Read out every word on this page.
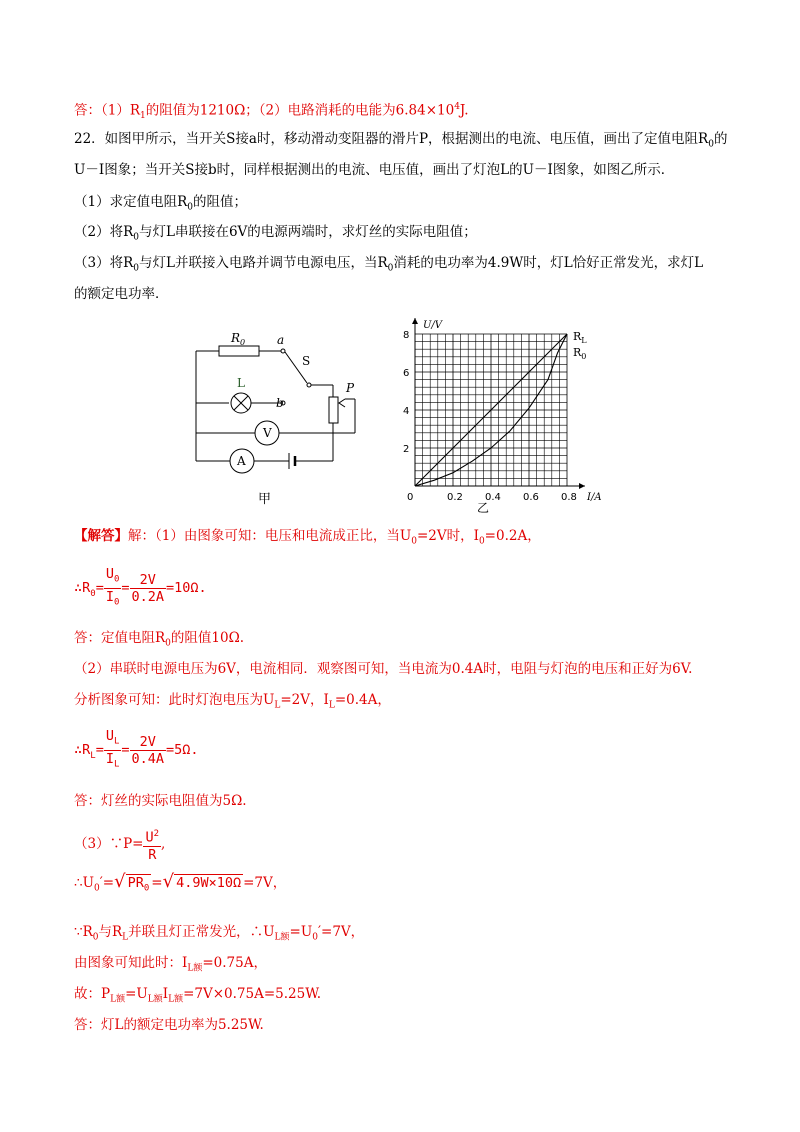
答：$(1)R_1$的阻值为1210Ω；（2）电路消耗的电能为$6.84\times 10^4J$.
22．如图甲所示，当开关S接a时，移动滑动变阻器的滑片P，根据测出的电流、电压值，画出了定值电阻$R_0$的
U－I图象；当开关S接b时，同样根据测出的电流、电压值，画出了灯泡L的U－I图象，如图乙所示．
（1）求定值电阻$R_0$的阻值；
（2）将$R_0$与灯L串联接在6V的电源两端时，求灯丝的实际电阻值；
（3）将$R_0$与灯L并联接入电路并调节电源电压，当$R_0$消耗的电功率为4.9W时，灯L恰好正常发光，求灯L
的额定电功率．
$R_0$	a
S
L
b
P
V
A
甲	0	0.2 0.4 0.6 0.8
2
4
6
8
I/A
U/V
乙
$R_L$
$R_0$
【解答】解：（1）由图象可知：电压和电流成正比，当$U_0=2V$时，$I_0=0.2A$，
$\therefore R_0= \frac{U_0}{I_0} = \frac{2V}{0.2A} =10\Omega$.
答：定值电阻$R_0$的阻值10Ω.
（2）串联时电源电压为6V，电流相同．观察图可知，当电流为0.4A时，电阻与灯泡的电压和正好为6V.
分析图象可知：此时灯泡电压为$U_L=2V$，$I_L=0.4A$，
$\therefore R_L= \frac{U_L}{I_L} = \frac{2V}{0.4A} =5\Omega$.
答：灯丝的实际电阻值为5Ω.
（3）∵P= $\frac{U^2}{R}$ ,
$\therefore U_0'=√$ $PR_0$ =√ 4.9W×10Ω =7V，
$\because R_0$与$R_L$并联且灯正常发光，$\therefore U_{L额}=U_0'=7V$，
由图象可知此时：$I_{L额}=0.75A$，
故：$P_{L额}=U_{L额}I_{L额}=7V\times 0.75A=5.25W$.
答：灯L的额定电功率为5.25W.
